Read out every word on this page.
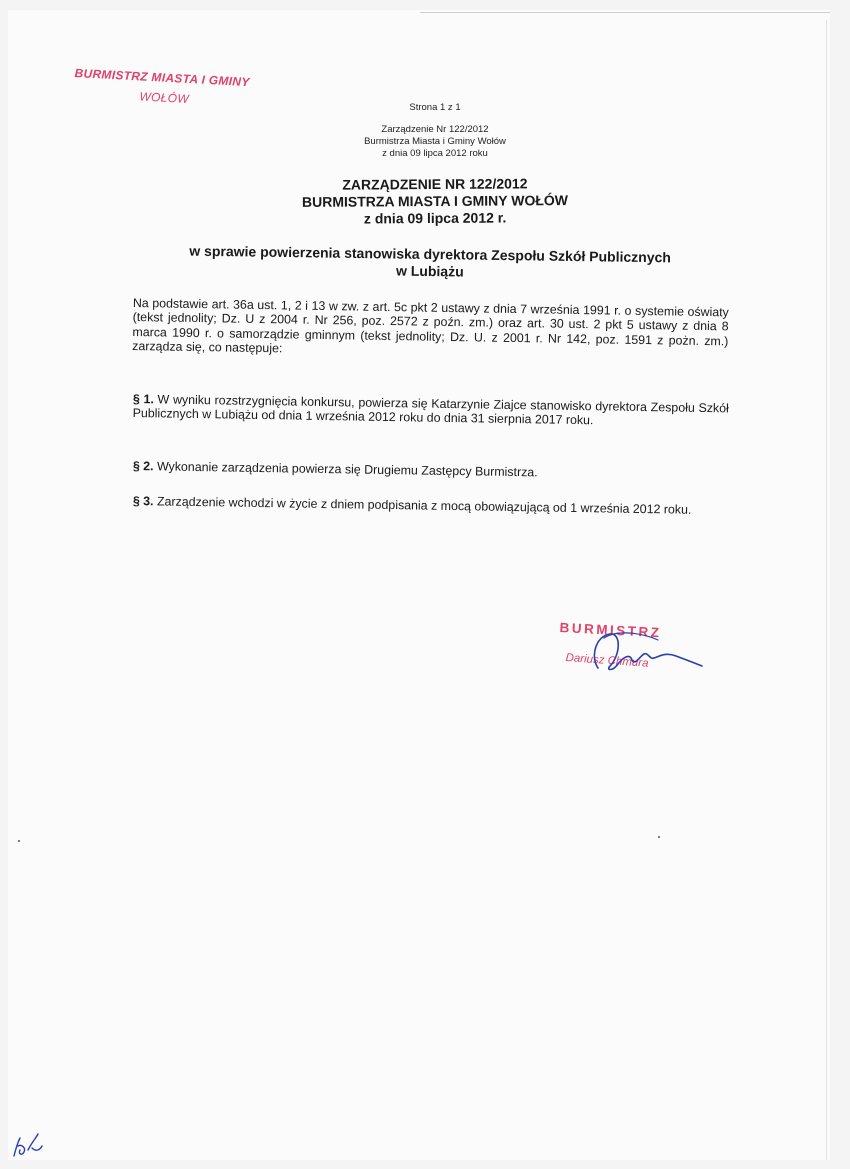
BURMISTRZ MIASTA I GMINY
WOŁÓW
Strona 1 z 1
Zarządzenie Nr 122/2012
Burmistrza Miasta i Gminy Wołów
z dnia 09 lipca 2012 roku
ZARZĄDZENIE NR 122/2012
BURMISTRZA MIASTA I GMINY WOŁÓW
z dnia 09 lipca 2012 r.
w sprawie powierzenia stanowiska dyrektora Zespołu Szkół Publicznych
w Lubiążu
Na podstawie art. 36a ust. 1, 2 i 13 w zw. z art. 5c pkt 2 ustawy z dnia 7 września 1991 r. o systemie oświaty (tekst jednolity; Dz. U z 2004 r. Nr 256, poz. 2572 z poźn. zm.) oraz art. 30 ust. 2 pkt 5 ustawy z dnia 8 marca 1990 r. o samorządzie gminnym (tekst jednolity; Dz. U. z 2001 r. Nr 142, poz. 1591 z pożn. zm.) zarządza się, co następuje:
§ 1. W wyniku rozstrzygnięcia konkursu, powierza się Katarzynie Ziajce stanowisko dyrektora Zespołu Szkół Publicznych w Lubiążu od dnia 1 września 2012 roku do dnia 31 sierpnia 2017 roku.
§ 2. Wykonanie zarządzenia powierza się Drugiemu Zastępcy Burmistrza.
§ 3. Zarządzenie wchodzi w życie z dniem podpisania z mocą obowiązującą od 1 września 2012 roku.
BURMISTRZ
Dariusz Chmura
